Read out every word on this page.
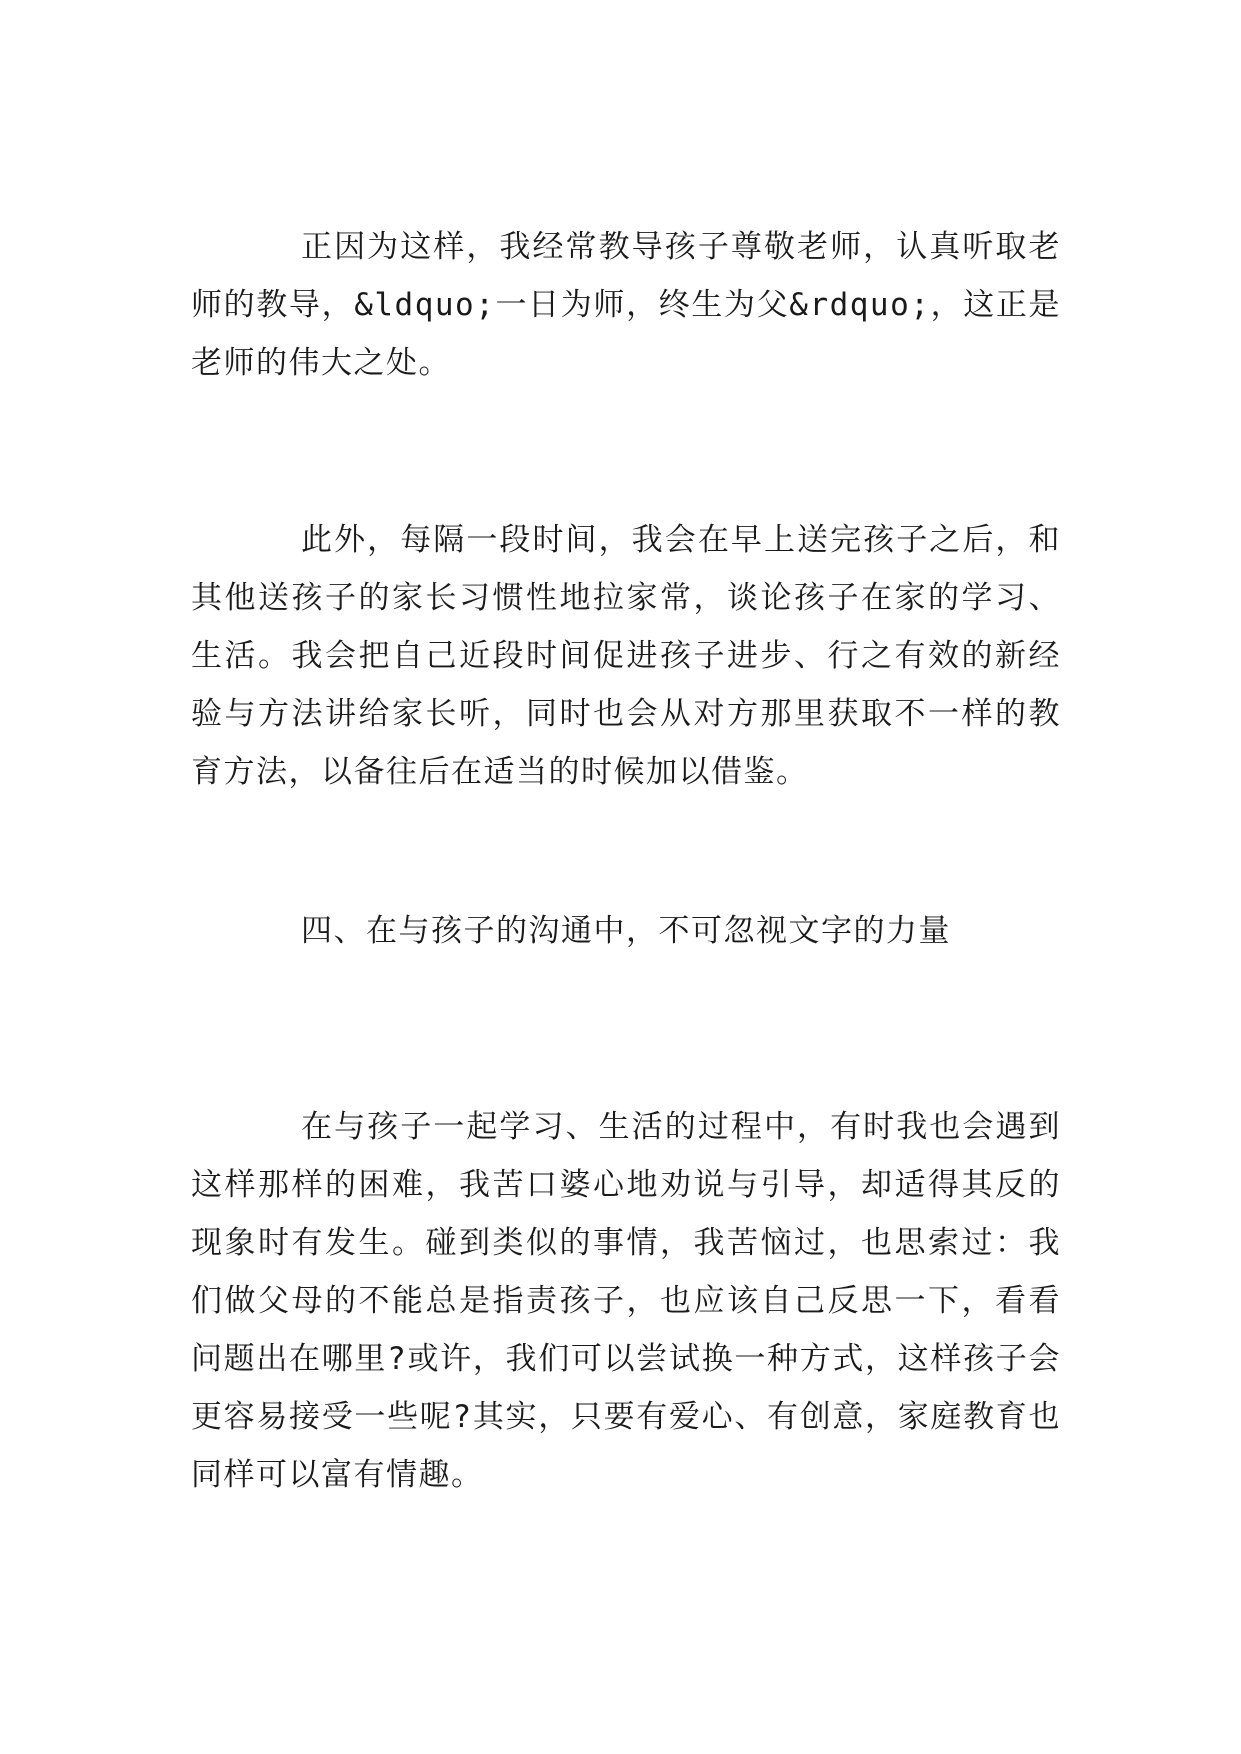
正因为这样，我经常教导孩子尊敬老师，认真听取老师的教导，&ldquo;一日为师，终生为父&rdquo;，这正是老师的伟大之处。

此外，每隔一段时间，我会在早上送完孩子之后，和其他送孩子的家长习惯性地拉家常，谈论孩子在家的学习、生活。我会把自己近段时间促进孩子进步、行之有效的新经验与方法讲给家长听，同时也会从对方那里获取不一样的教育方法，以备往后在适当的时候加以借鉴。

四、在与孩子的沟通中，不可忽视文字的力量

在与孩子一起学习、生活的过程中，有时我也会遇到这样那样的困难，我苦口婆心地劝说与引导，却适得其反的现象时有发生。碰到类似的事情，我苦恼过，也思索过：我们做父母的不能总是指责孩子，也应该自己反思一下，看看问题出在哪里?或许，我们可以尝试换一种方式，这样孩子会更容易接受一些呢?其实，只要有爱心、有创意，家庭教育也同样可以富有情趣。
